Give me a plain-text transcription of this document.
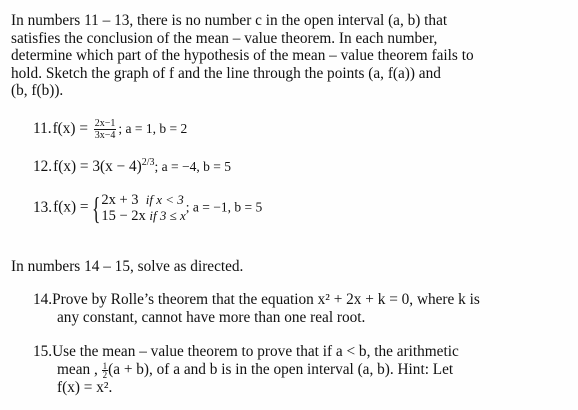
In numbers 11 – 13, there is no number c in the open interval (a, b) that

satisfies the conclusion of the mean – value theorem. In each number,

determine which part of the hypothesis of the mean – value theorem fails to

hold. Sketch the graph of f and the line through the points (a, f(a)) and

(b, f(b)).

$11.f(x) = \frac{2x-1}{3x-4}$ ; a = 1, b = 2
$12.f(x) = 3(x - 4)^{2/3}$; a = −4, b = 5
13.f(x) = { 2x + 3 if x < 3
15 − 2x if 3 ≤ x
; a = −1, b = 5
In numbers 14 – 15, solve as directed.

14.Prove by Rolle’s theorem that the equation x² + 2x + k = 0, where k is

any constant, cannot have more than one real root.

15.Use the mean – value theorem to prove that if a < b, the arithmetic

mean , $\frac{1}{2} (a + b)$, of a and b is in the open interval (a, b). Hint: Let

f(x) = x².
